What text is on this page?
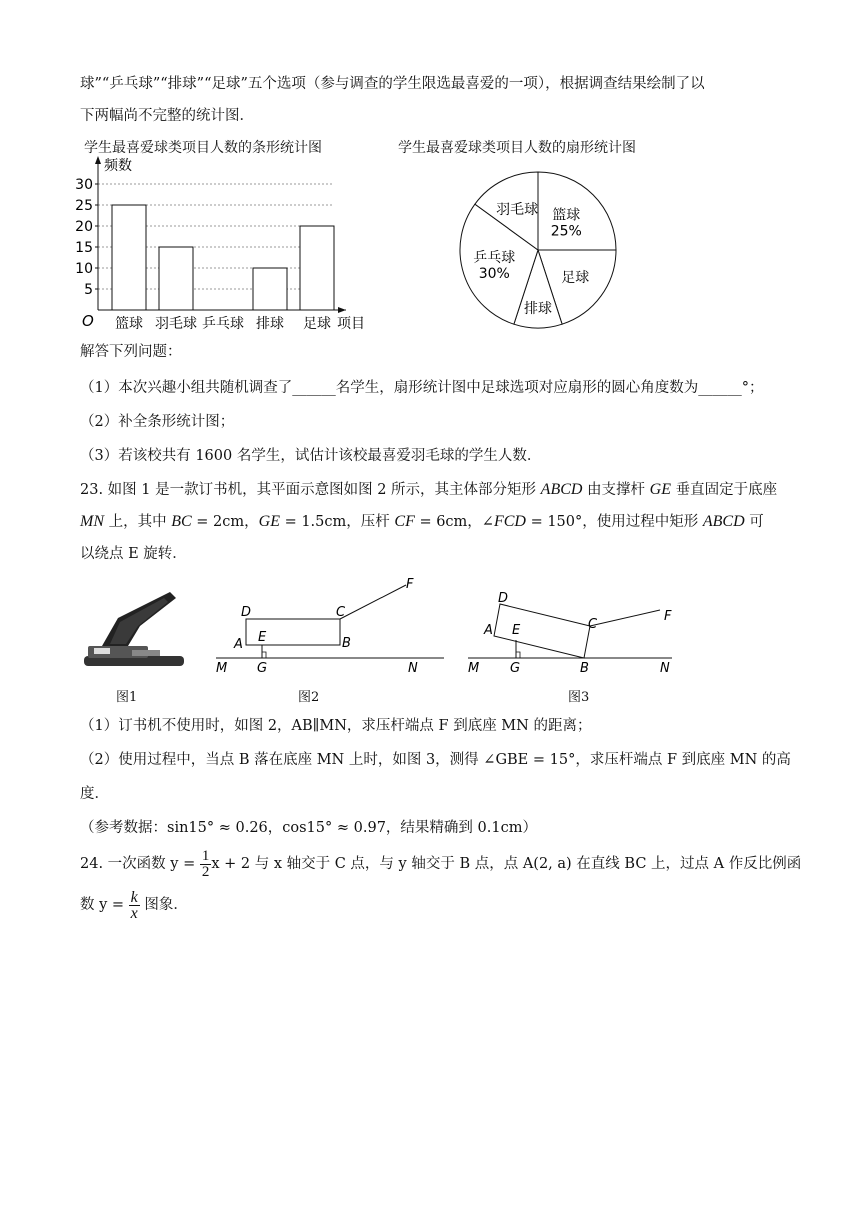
球”“乒乓球”“排球”“足球”五个选项（参与调查的学生限选最喜爱的一项），根据调查结果绘制了以
下两幅尚不完整的统计图．
学生最喜爱球类项目人数的条形统计图
频数
O	项目
5
10
15
20
25
30
篮球 羽毛球 乒乓球 排球 足球
学生最喜爱球类项目人数的扇形统计图
篮球
25%
足球
排球
乒乓球
30%
羽毛球
解答下列问题：
（1）本次兴趣小组共随机调查了______名学生，扇形统计图中足球选项对应扇形的圆心角度数为______°；
（2）补全条形统计图；
（3）若该校共有 1600 名学生，试估计该校最喜爱羽毛球的学生人数．
23. 如图 1 是一款订书机，其平面示意图如图 2 所示，其主体部分矩形 ABCD 由支撑杆 GE 垂直固定于底座
MN 上，其中 BC = 2cm，GE = 1.5cm，压杆 CF = 6cm，∠FCD = 150°，使用过程中矩形 ABCD 可
以绕点 E 旋转．
图1
D	C
F
A E	B
M G	N
图2
D
C
F
A E
B
M G	N
图3
（1）订书机不使用时，如图 2，AB∥MN，求压杆端点 F 到底座 MN 的距离；
（2）使用过程中，当点 B 落在底座 MN 上时，如图 3，测得 ∠GBE = 15°，求压杆端点 F 到底座 MN 的高
度．
（参考数据：sin15° ≈ 0.26，cos15° ≈ 0.97，结果精确到 0.1cm）
24. 一次函数 $y = \frac{1}{2}$ x + 2 与 x 轴交于 C 点，与 y 轴交于 B 点，点 A(2, a) 在直线 BC 上，过点 A 作反比例函
数 $y = \frac{k}{x}$ 图象．
